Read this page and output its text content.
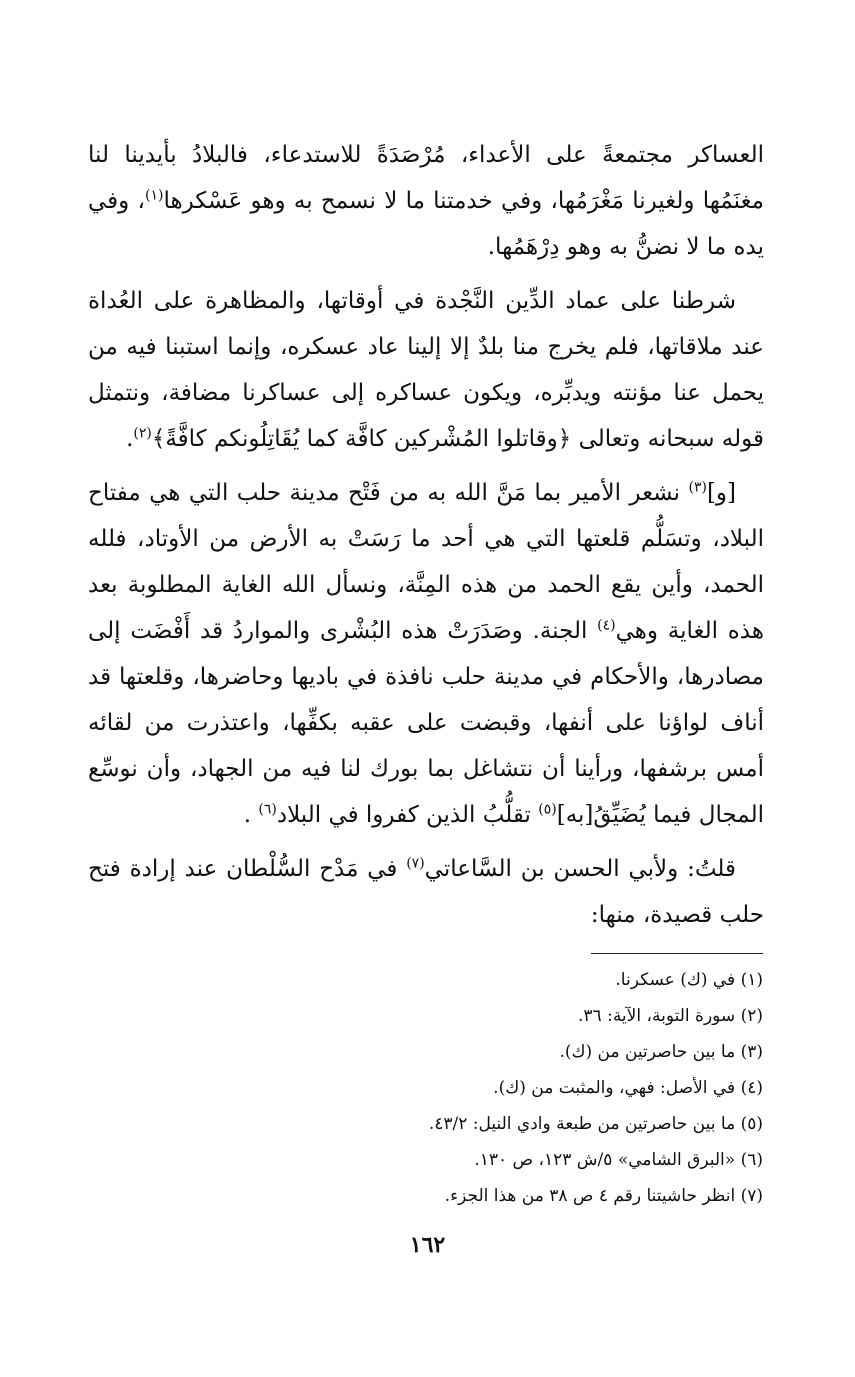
العساكر مجتمعةً على الأعداء، مُرْصَدَةً للاستدعاء، فالبلادُ بأيدينا لنا مغنَمُها ولغيرنا مَغْرَمُها، وفي خدمتنا ما لا نسمح به وهو عَسْكرها$^{(١)}$، وفي يده ما لا نضنُّ به وهو دِرْهَمُها.

شرطنا على عماد الدِّين النَّجْدة في أوقاتها، والمظاهرة على العُداة عند ملاقاتها، فلم يخرج منا بلدٌ إلا إلينا عاد عسكره، وإنما استبنا فيه من يحمل عنا مؤنته ويدبِّره، ويكون عساكره إلى عساكرنا مضافة، ونتمثل قوله سبحانه وتعالى ﴿وقاتلوا المُشْركين كافَّة كما يُقَاتِلُونكم كافَّةً﴾$^{(٢)}$.

[و]$^{(٣)}$ نشعر الأمير بما مَنَّ الله به من فَتْح مدينة حلب التي هي مفتاح البلاد، وتسَلُّم قلعتها التي هي أحد ما رَسَتْ به الأرض من الأوتاد، فلله الحمد، وأين يقع الحمد من هذه المِنَّة، ونسأل الله الغاية المطلوبة بعد هذه الغاية وهي$^{(٤)}$ الجنة. وصَدَرَتْ هذه البُشْرى والمواردُ قد أَفْضَت إلى مصادرها، والأحكام في مدينة حلب نافذة في باديها وحاضرها، وقلعتها قد أناف لواؤنا على أنفها، وقبضت على عقبه بكفِّها، واعتذرت من لقائه أمس برشفها، ورأينا أن نتشاغل بما بورك لنا فيه من الجهاد، وأن نوسِّع المجال فيما يُضَيِّقُ[به]$^{(٥)}$ تقلُّبُ الذين كفروا في البلاد$^{(٦)}$ .

قلتُ: ولأبي الحسن بن السَّاعاتي$^{(٧)}$ في مَدْح السُّلْطان عند إرادة فتح حلب قصيدة، منها:

(١) في (ك) عسكرنا.

(٢) سورة التوبة، الآية: ٣٦.

(٣) ما بين حاصرتين من (ك).

(٤) في الأصل: فهي، والمثبت من (ك).

(٥) ما بين حاصرتين من طبعة وادي النيل: ٤٣/٢.

(٦) «البرق الشامي» ٥/ش ١٢٣، ص ١٣٠.

(٧) انظر حاشيتنا رقم ٤ ص ٣٨ من هذا الجزء.

١٦٢
